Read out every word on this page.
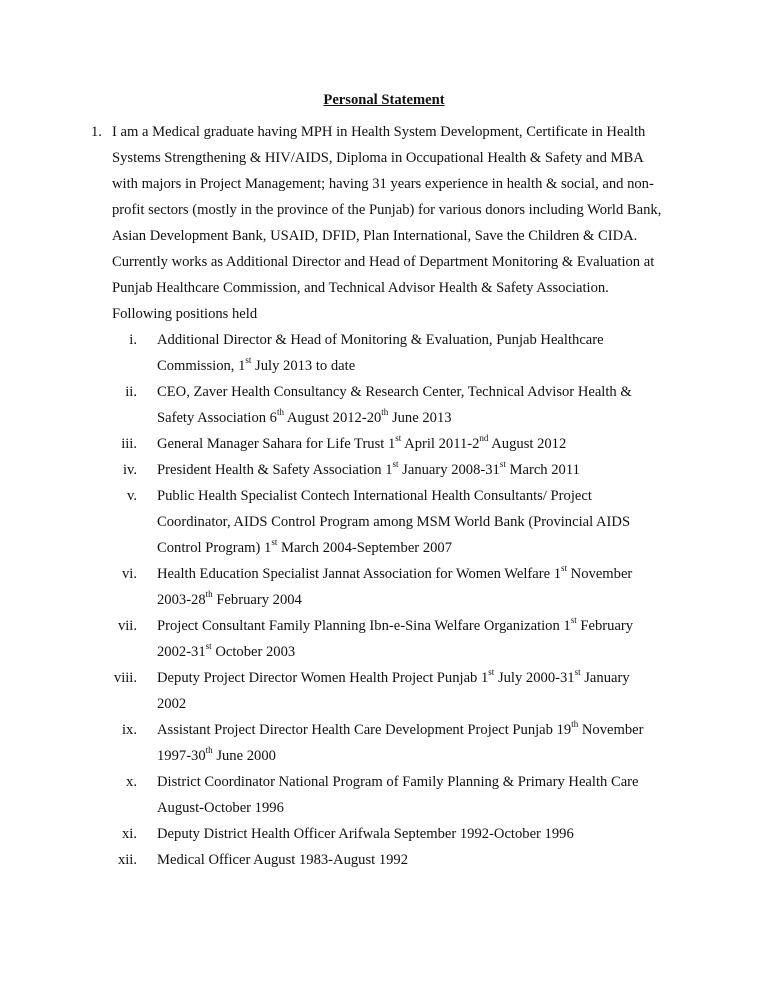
Personal Statement
1. I am a Medical graduate having MPH in Health System Development, Certificate in Health Systems Strengthening & HIV/AIDS, Diploma in Occupational Health & Safety and MBA with majors in Project Management; having 31 years experience in health & social, and non-profit sectors (mostly in the province of the Punjab) for various donors including World Bank, Asian Development Bank, USAID, DFID, Plan International, Save the Children & CIDA. Currently works as Additional Director and Head of Department Monitoring & Evaluation at Punjab Healthcare Commission, and Technical Advisor Health & Safety Association. Following positions held
i. Additional Director & Head of Monitoring & Evaluation, Punjab Healthcare Commission, 1st July 2013 to date
ii. CEO, Zaver Health Consultancy & Research Center, Technical Advisor Health & Safety Association 6th August 2012-20th June 2013
iii. General Manager Sahara for Life Trust 1st April 2011-2nd August 2012
iv. President Health & Safety Association 1st January 2008-31st March 2011
v. Public Health Specialist Contech International Health Consultants/ Project Coordinator, AIDS Control Program among MSM World Bank (Provincial AIDS Control Program) 1st March 2004-September 2007
vi. Health Education Specialist Jannat Association for Women Welfare 1st November 2003-28th February 2004
vii. Project Consultant Family Planning Ibn-e-Sina Welfare Organization 1st February 2002-31st October 2003
viii. Deputy Project Director Women Health Project Punjab 1st July 2000-31st January 2002
ix. Assistant Project Director Health Care Development Project Punjab 19th November 1997-30th June 2000
x. District Coordinator National Program of Family Planning & Primary Health Care August-October 1996
xi. Deputy District Health Officer Arifwala September 1992-October 1996
xii. Medical Officer August 1983-August 1992
